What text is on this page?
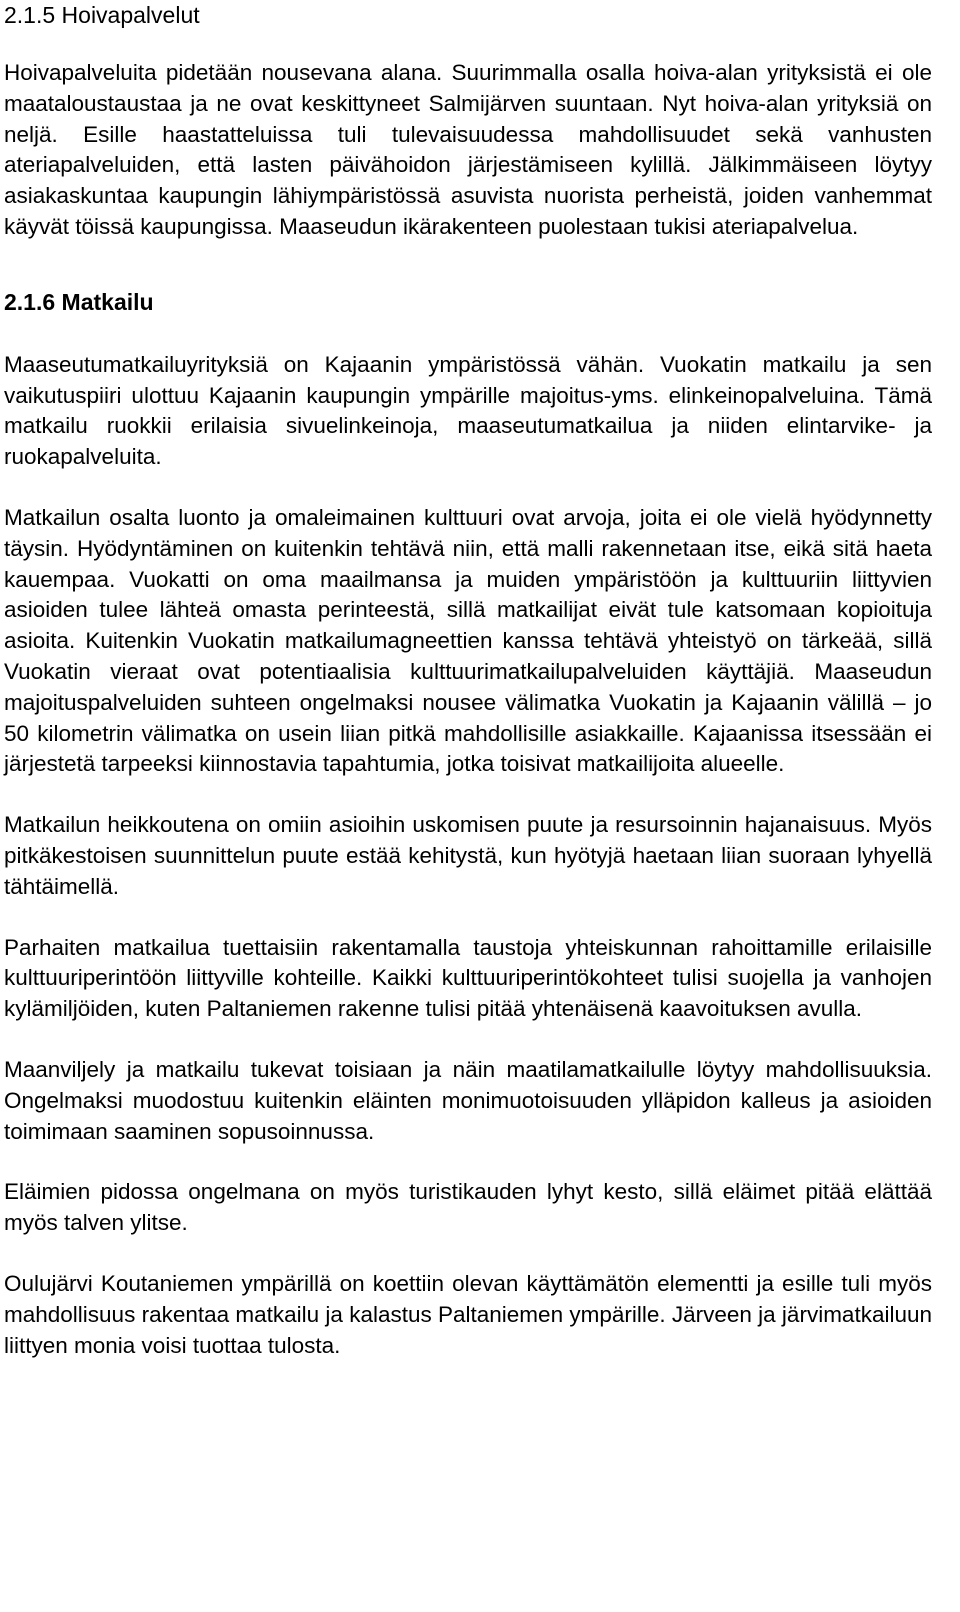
2.1.5 Hoivapalvelut

Hoivapalveluita pidetään nousevana alana. Suurimmalla osalla hoiva-alan yrityksistä ei ole maataloustaustaa ja ne ovat keskittyneet Salmijärven suuntaan. Nyt hoiva-alan yrityksiä on neljä. Esille haastatteluissa tuli tulevaisuudessa mahdollisuudet sekä vanhusten ateriapalveluiden, että lasten päivähoidon järjestämiseen kylillä. Jälkimmäiseen löytyy asiakaskuntaa kaupungin lähiympäristössä asuvista nuorista perheistä, joiden vanhemmat käyvät töissä kaupungissa. Maaseudun ikärakenteen puolestaan tukisi ateriapalvelua.

2.1.6 Matkailu

Maaseutumatkailuyrityksiä on Kajaanin ympäristössä vähän. Vuokatin matkailu ja sen vaikutuspiiri ulottuu Kajaanin kaupungin ympärille majoitus-yms. elinkeinopalveluina. Tämä matkailu ruokkii erilaisia sivuelinkeinoja, maaseutumatkailua ja niiden elintarvike- ja ruokapalveluita.

Matkailun osalta luonto ja omaleimainen kulttuuri ovat arvoja, joita ei ole vielä hyödynnetty täysin. Hyödyntäminen on kuitenkin tehtävä niin, että malli rakennetaan itse, eikä sitä haeta kauempaa. Vuokatti on oma maailmansa ja muiden ympäristöön ja kulttuuriin liittyvien asioiden tulee lähteä omasta perinteestä, sillä matkailijat eivät tule katsomaan kopioituja asioita. Kuitenkin Vuokatin matkailumagneettien kanssa tehtävä yhteistyö on tärkeää, sillä Vuokatin vieraat ovat potentiaalisia kulttuurimatkailupalveluiden käyttäjiä. Maaseudun majoituspalveluiden suhteen ongelmaksi nousee välimatka Vuokatin ja Kajaanin välillä – jo 50 kilometrin välimatka on usein liian pitkä mahdollisille asiakkaille. Kajaanissa itsessään ei järjestetä tarpeeksi kiinnostavia tapahtumia, jotka toisivat matkailijoita alueelle.

Matkailun heikkoutena on omiin asioihin uskomisen puute ja resursoinnin hajanaisuus. Myös pitkäkestoisen suunnittelun puute estää kehitystä, kun hyötyjä haetaan liian suoraan lyhyellä tähtäimellä.

Parhaiten matkailua tuettaisiin rakentamalla taustoja yhteiskunnan rahoittamille erilaisille kulttuuriperintöön liittyville kohteille. Kaikki kulttuuriperintökohteet tulisi suojella ja vanhojen kylämiljöiden, kuten Paltaniemen rakenne tulisi pitää yhtenäisenä kaavoituksen avulla.

Maanviljely ja matkailu tukevat toisiaan ja näin maatilamatkailulle löytyy mahdollisuuksia. Ongelmaksi muodostuu kuitenkin eläinten monimuotoisuuden ylläpidon kalleus ja asioiden toimimaan saaminen sopusoinnussa.

Eläimien pidossa ongelmana on myös turistikauden lyhyt kesto, sillä eläimet pitää elättää myös talven ylitse.

Oulujärvi Koutaniemen ympärillä on koettiin olevan käyttämätön elementti ja esille tuli myös mahdollisuus rakentaa matkailu ja kalastus Paltaniemen ympärille. Järveen ja järvimatkailuun liittyen monia voisi tuottaa tulosta.
